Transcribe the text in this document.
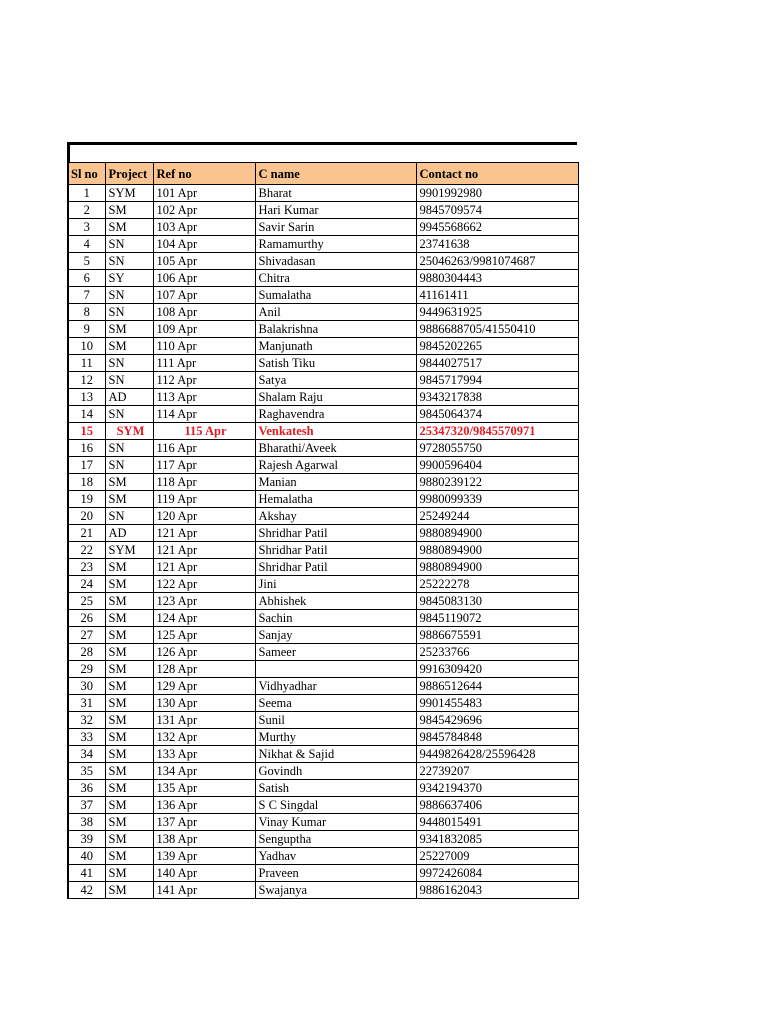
Sl no	Project	Ref no	C name	Contact no
1	SYM	101 Apr	Bharat	9901992980
2	SM	102 Apr	Hari Kumar	9845709574
3	SM	103 Apr	Savir Sarin	9945568662
4	SN	104 Apr	Ramamurthy	23741638
5	SN	105 Apr	Shivadasan	25046263/9981074687
6	SY	106 Apr	Chitra	9880304443
7	SN	107 Apr	Sumalatha	41161411
8	SN	108 Apr	Anil	9449631925
9	SM	109 Apr	Balakrishna	9886688705/41550410
10	SM	110 Apr	Manjunath	9845202265
11	SN	111 Apr	Satish Tiku	9844027517
12	SN	112 Apr	Satya	9845717994
13	AD	113 Apr	Shalam Raju	9343217838
14	SN	114 Apr	Raghavendra	9845064374
15	SYM	115 Apr	Venkatesh	25347320/9845570971
16	SN	116 Apr	Bharathi/Aveek	9728055750
17	SN	117 Apr	Rajesh Agarwal	9900596404
18	SM	118 Apr	Manian	9880239122
19	SM	119 Apr	Hemalatha	9980099339
20	SN	120 Apr	Akshay	25249244
21	AD	121 Apr	Shridhar Patil	9880894900
22	SYM	121 Apr	Shridhar Patil	9880894900
23	SM	121 Apr	Shridhar Patil	9880894900
24	SM	122 Apr	Jini	25222278
25	SM	123 Apr	Abhishek	9845083130
26	SM	124 Apr	Sachin	9845119072
27	SM	125 Apr	Sanjay	9886675591
28	SM	126 Apr	Sameer	25233766
29	SM	128 Apr		9916309420
30	SM	129 Apr	Vidhyadhar	9886512644
31	SM	130 Apr	Seema	9901455483
32	SM	131 Apr	Sunil	9845429696
33	SM	132 Apr	Murthy	9845784848
34	SM	133 Apr	Nikhat & Sajid	9449826428/25596428
35	SM	134 Apr	Govindh	22739207
36	SM	135 Apr	Satish	9342194370
37	SM	136 Apr	S C Singdal	9886637406
38	SM	137 Apr	Vinay Kumar	9448015491
39	SM	138 Apr	Senguptha	9341832085
40	SM	139 Apr	Yadhav	25227009
41	SM	140 Apr	Praveen	9972426084
42	SM	141 Apr	Swajanya	9886162043
